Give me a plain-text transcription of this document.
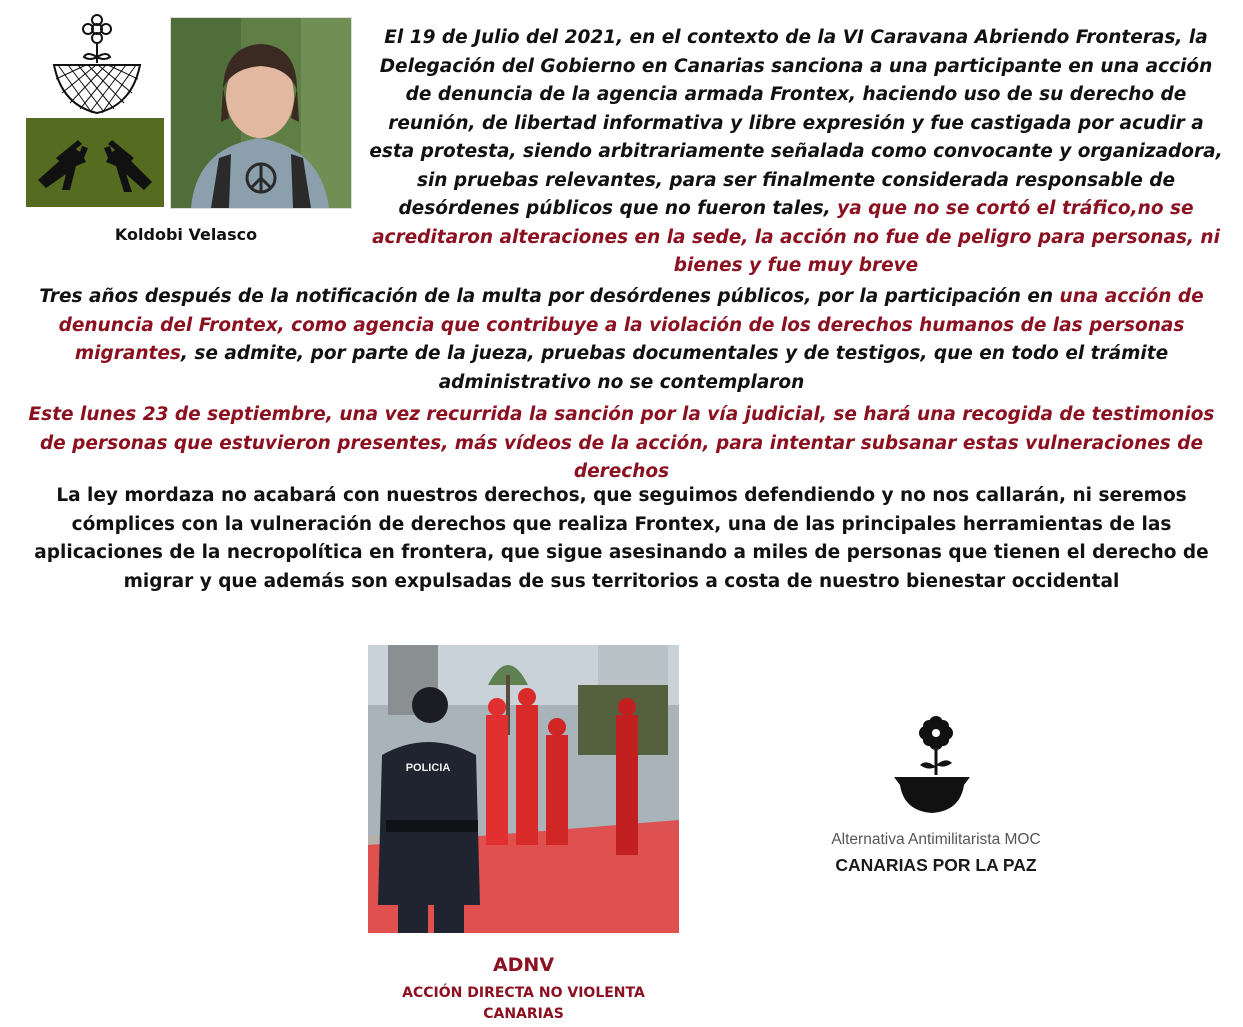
Koldobi Velasco

El 19 de Julio del 2021, en el contexto de la VI Caravana Abriendo Fronteras, la Delegación del Gobierno en Canarias sanciona a una participante en una acción de denuncia de la agencia armada Frontex, haciendo uso de su derecho de reunión, de libertad informativa y libre expresión y fue castigada por acudir a esta protesta, siendo arbitrariamente señalada como convocante y organizadora, sin pruebas relevantes, para ser finalmente considerada responsable de desórdenes públicos que no fueron tales, ya que no se cortó el tráfico,no se acreditaron alteraciones en la sede, la acción no fue de peligro para personas, ni bienes y fue muy breve

Tres años después de la notificación de la multa por desórdenes públicos, por la participación en una acción de denuncia del Frontex, como agencia que contribuye a la violación de los derechos humanos de las personas migrantes, se admite, por parte de la jueza, pruebas documentales y de testigos, que en todo el trámite administrativo no se contemplaron

Este lunes 23 de septiembre, una vez recurrida la sanción por la vía judicial, se hará una recogida de testimonios de personas que estuvieron presentes, más vídeos de la acción, para intentar subsanar estas vulneraciones de derechos

La ley mordaza no acabará con nuestros derechos, que seguimos defendiendo y no nos callarán, ni seremos cómplices con la vulneración de derechos que realiza Frontex, una de las principales herramientas de las aplicaciones de la necropolítica en frontera, que sigue asesinando a miles de personas que tienen el derecho de migrar y que además son expulsadas de sus territorios a costa de nuestro bienestar occidental

POLICIA
ADNV
ACCIÓN DIRECTA NO VIOLENTA
CANARIAS
Alternativa Antimilitarista MOC
CANARIAS POR LA PAZ
